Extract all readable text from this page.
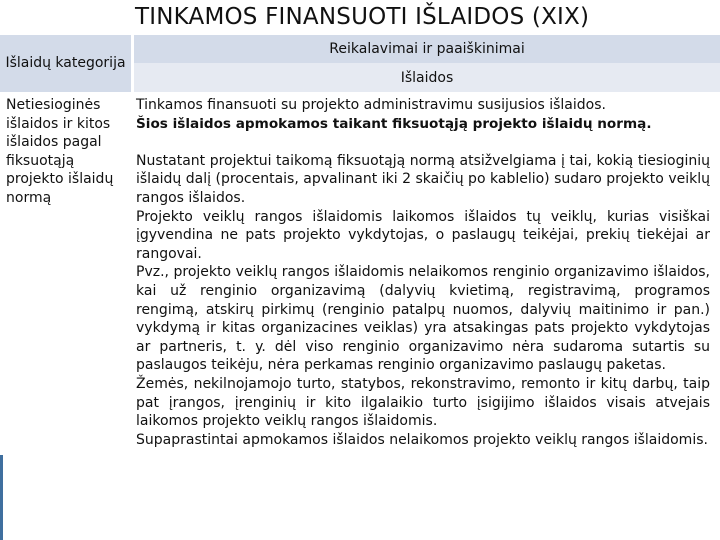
TINKAMOS FINANSUOTI IŠLAIDOS (XIX)
Išlaidų kategorija
Reikalavimai ir paaiškinimai
Išlaidos
Netiesioginės išlaidos ir kitos išlaidos pagal fiksuotąją projekto išlaidų normą

Tinkamos finansuoti su projekto administravimu susijusios išlaidos.

Šios išlaidos apmokamos taikant fiksuotąją projekto išlaidų normą.

Nustatant projektui taikomą fiksuotąją normą atsižvelgiama į tai, kokią tiesioginių išlaidų dalį (procentais, apvalinant iki 2 skaičių po kablelio) sudaro projekto veiklų rangos išlaidos.

Projekto veiklų rangos išlaidomis laikomos išlaidos tų veiklų, kurias visiškai įgyvendina ne pats projekto vykdytojas, o paslaugų teikėjai, prekių tiekėjai ar rangovai.

Pvz., projekto veiklų rangos išlaidomis nelaikomos renginio organizavimo išlaidos, kai už renginio organizavimą (dalyvių kvietimą, registravimą, programos rengimą, atskirų pirkimų (renginio patalpų nuomos, dalyvių maitinimo ir pan.) vykdymą ir kitas organizacines veiklas) yra atsakingas pats projekto vykdytojas ar partneris, t. y. dėl viso renginio organizavimo nėra sudaroma sutartis su paslaugos teikėju, nėra perkamas renginio organizavimo paslaugų paketas.

Žemės, nekilnojamojo turto, statybos, rekonstravimo, remonto ir kitų darbų, taip pat įrangos, įrenginių ir kito ilgalaikio turto įsigijimo išlaidos visais atvejais laikomos projekto veiklų rangos išlaidomis.

Supaprastintai apmokamos išlaidos nelaikomos projekto veiklų rangos išlaidomis.
